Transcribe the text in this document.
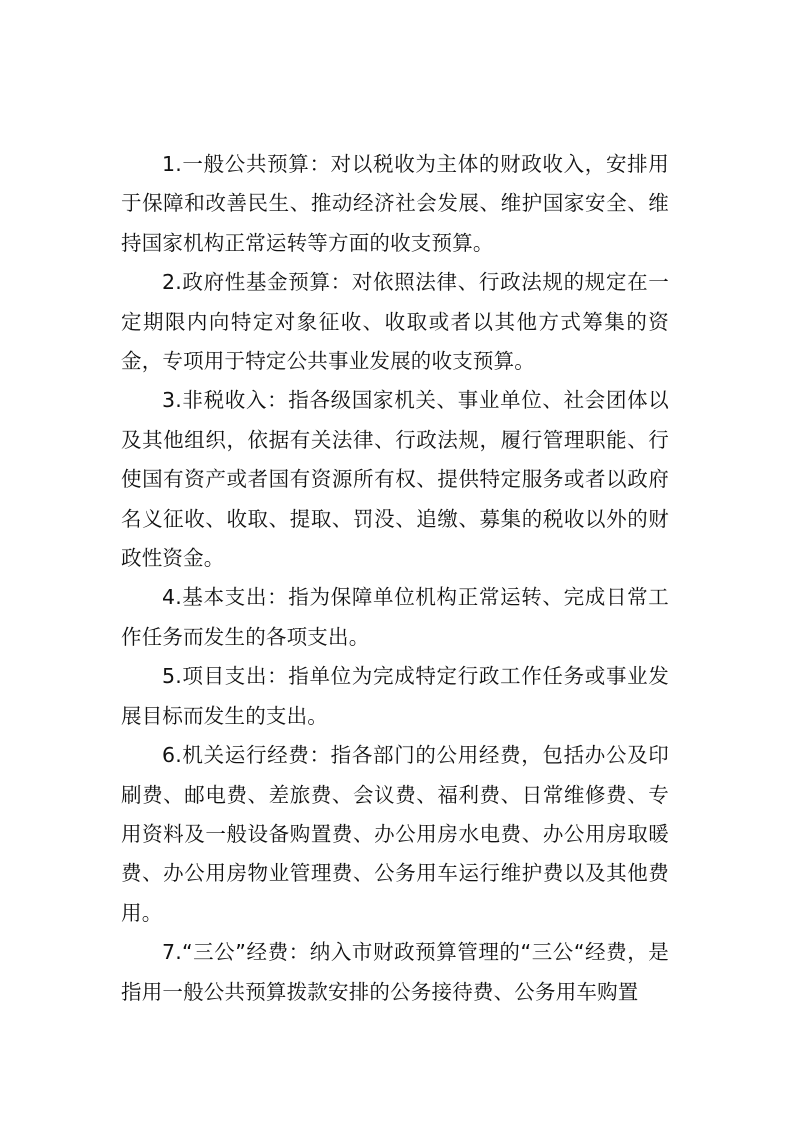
1.一般公共预算：对以税收为主体的财政收入，安排用于保障和改善民生、推动经济社会发展、维护国家安全、维持国家机构正常运转等方面的收支预算。

2.政府性基金预算：对依照法律、行政法规的规定在一定期限内向特定对象征收、收取或者以其他方式筹集的资金，专项用于特定公共事业发展的收支预算。

3.非税收入：指各级国家机关、事业单位、社会团体以及其他组织，依据有关法律、行政法规，履行管理职能、行使国有资产或者国有资源所有权、提供特定服务或者以政府名义征收、收取、提取、罚没、追缴、募集的税收以外的财政性资金。

4.基本支出：指为保障单位机构正常运转、完成日常工作任务而发生的各项支出。

5.项目支出：指单位为完成特定行政工作任务或事业发展目标而发生的支出。

6.机关运行经费：指各部门的公用经费，包括办公及印刷费、邮电费、差旅费、会议费、福利费、日常维修费、专用资料及一般设备购置费、办公用房水电费、办公用房取暖费、办公用房物业管理费、公务用车运行维护费以及其他费用。

7.“三公”经费：纳入市财政预算管理的“三公“经费，是指用一般公共预算拨款安排的公务接待费、公务用车购置
